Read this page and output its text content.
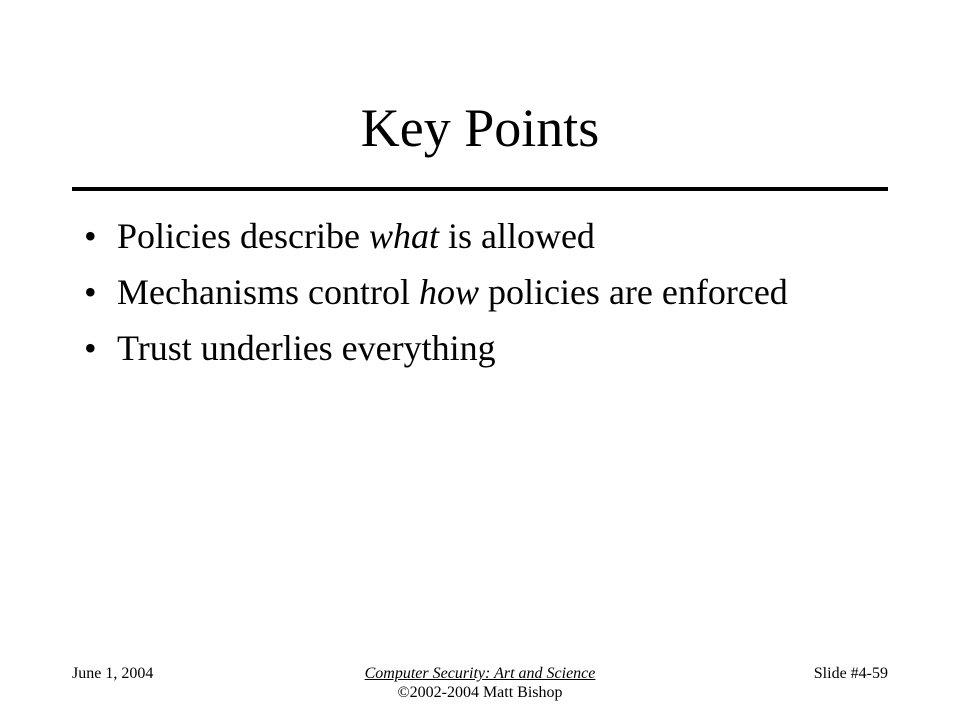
Key Points
• Policies describe what is allowed
• Mechanisms control how policies are enforced
• Trust underlies everything
June 1, 2004	Computer Security: Art and Science
©2002-2004 Matt Bishop
Slide #4-59
